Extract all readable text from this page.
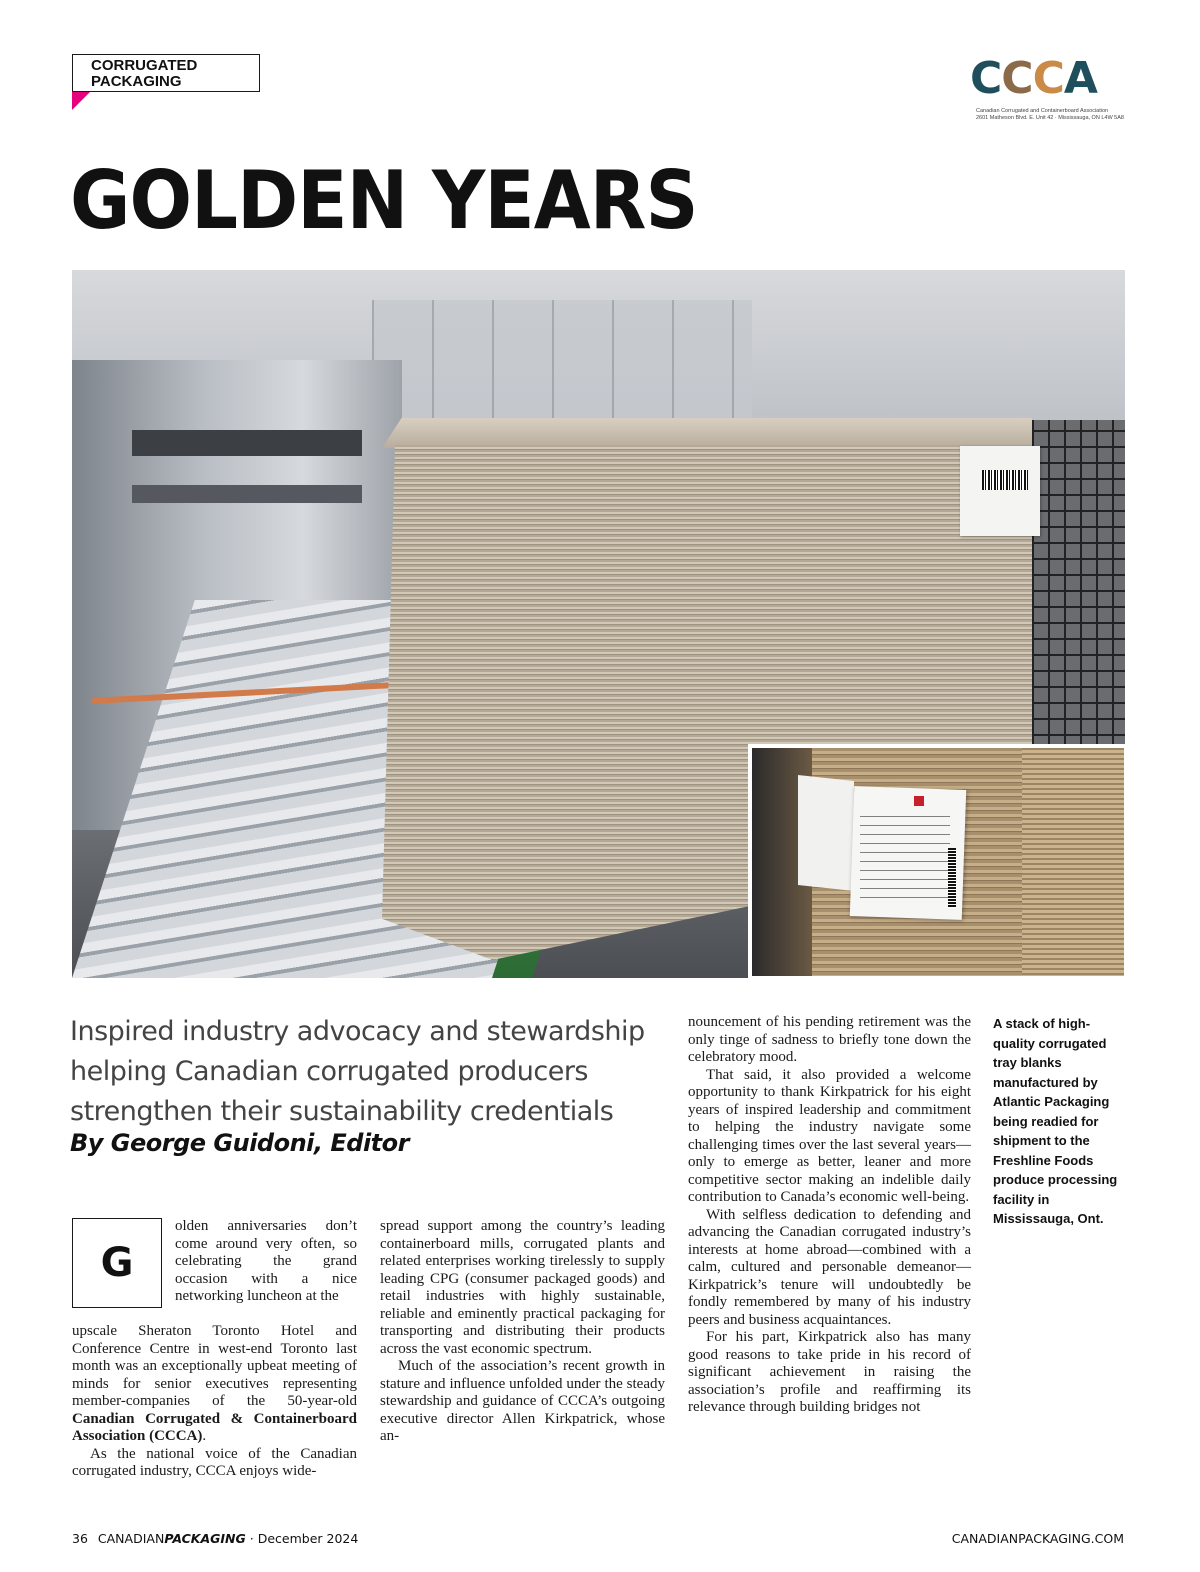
CORRUGATED
PACKAGING	CCCA
Canadian Corrugated and Containerboard Association
2601 Matheson Blvd. E. Unit 42 · Mississauga, ON L4W 5A8
GOLDEN YEARS
Inspired industry advocacy and stewardship
helping Canadian corrugated producers
strengthen their sustainability credentials
By George Guidoni, Editor
G

olden anniversaries don’t come around very often, so celebrating the grand occasion with a nice networking luncheon at the

upscale Sheraton Toronto Hotel and Conference Centre in west-end Toronto last month was an exceptionally upbeat meeting of minds for senior executives representing member-companies of the 50-year-old Canadian Corrugated & Containerboard Association (CCCA).

As the national voice of the Canadian corrugated industry, CCCA enjoys wide-

spread support among the country’s leading containerboard mills, corrugated plants and related enterprises working tirelessly to supply leading CPG (consumer packaged goods) and retail industries with highly sustainable, reliable and eminently practical packaging for transporting and distributing their products across the vast economic spectrum.

Much of the association’s recent growth in stature and influence unfolded under the steady stewardship and guidance of CCCA’s outgoing executive director Allen Kirkpatrick, whose an-

nouncement of his pending retirement was the only tinge of sadness to briefly tone down the celebratory mood.

That said, it also provided a welcome opportunity to thank Kirkpatrick for his eight years of inspired leadership and commitment to helping the industry navigate some challenging times over the last several years—only to emerge as better, leaner and more competitive sector making an indelible daily contribution to Canada’s economic well-being.

With selfless dedication to defending and advancing the Canadian corrugated industry’s interests at home abroad—combined with a calm, cultured and personable demeanor—Kirkpatrick’s tenure will undoubtedly be fondly remembered by many of his industry peers and business acquaintances.

For his part, Kirkpatrick also has many good reasons to take pride in his record of significant achievement in raising the association’s profile and reaffirming its relevance through building bridges not

A stack of high-quality corrugated tray blanks manufactured by Atlantic Packaging being readied for shipment to the Freshline Foods produce processing facility in Mississauga, Ont.
36 CANADIANPACKAGING · December 2024	CANADIANPACKAGING.COM
